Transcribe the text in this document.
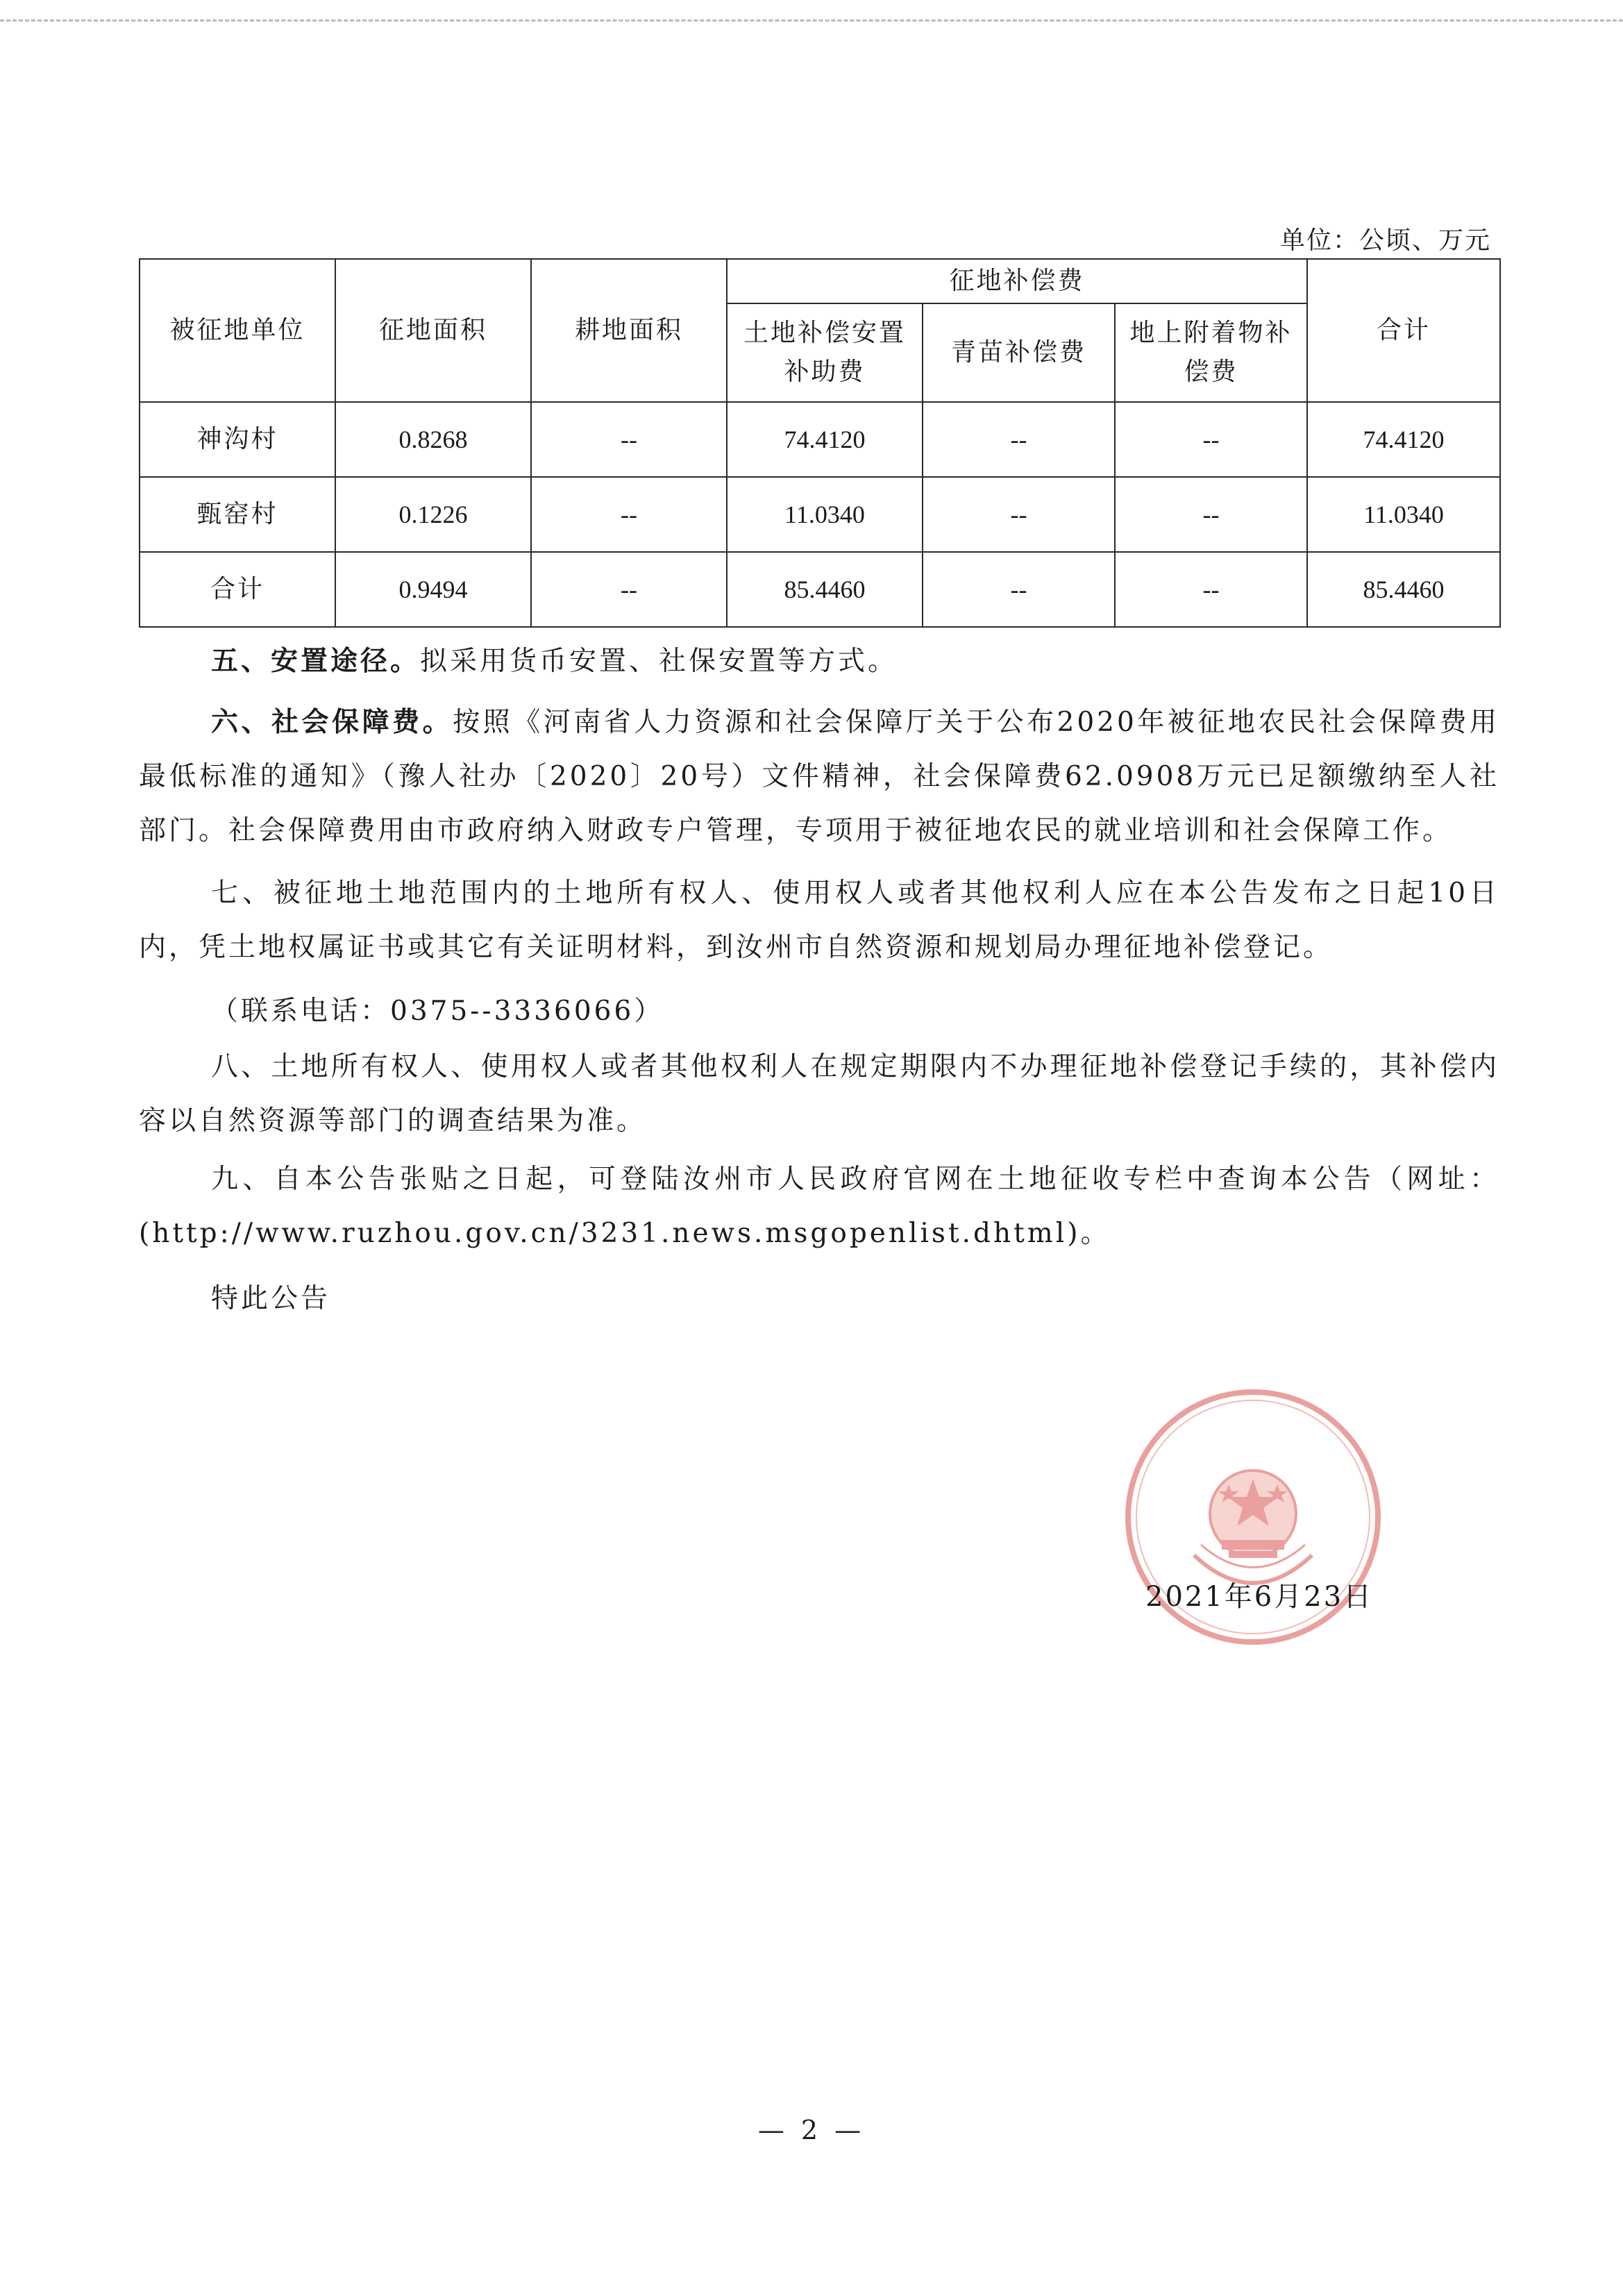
单位：公顷、万元
被征地单位	征地面积	耕地面积	征地补偿费			合计
			土地补偿安置补助费	青苗补偿费	地上附着物补偿费	
神沟村	0.8268	--	74.4120	--	--	74.4120
甄窑村	0.1226	--	11.0340	--	--	11.0340
合计	0.9494	--	85.4460	--	--	85.4460

五、安置途径。拟采用货币安置、社保安置等方式。

六、社会保障费。按照《河南省人力资源和社会保障厅关于公布2020年被征地农民社会保障费用最低标准的通知》（豫人社办〔2020〕20号）文件精神，社会保障费62.0908万元已足额缴纳至人社部门。社会保障费用由市政府纳入财政专户管理，专项用于被征地农民的就业培训和社会保障工作。

七、被征地土地范围内的土地所有权人、使用权人或者其他权利人应在本公告发布之日起10日内，凭土地权属证书或其它有关证明材料，到汝州市自然资源和规划局办理征地补偿登记。

（联系电话：0375--3336066）

八、土地所有权人、使用权人或者其他权利人在规定期限内不办理征地补偿登记手续的，其补偿内容以自然资源等部门的调查结果为准。

九、自本公告张贴之日起，可登陆汝州市人民政府官网在土地征收专栏中查询本公告（网址：(http://www.ruzhou.gov.cn/3231.news.msgopenlist.dhtml)。

特此公告

2021年6月23日
— 2 —
